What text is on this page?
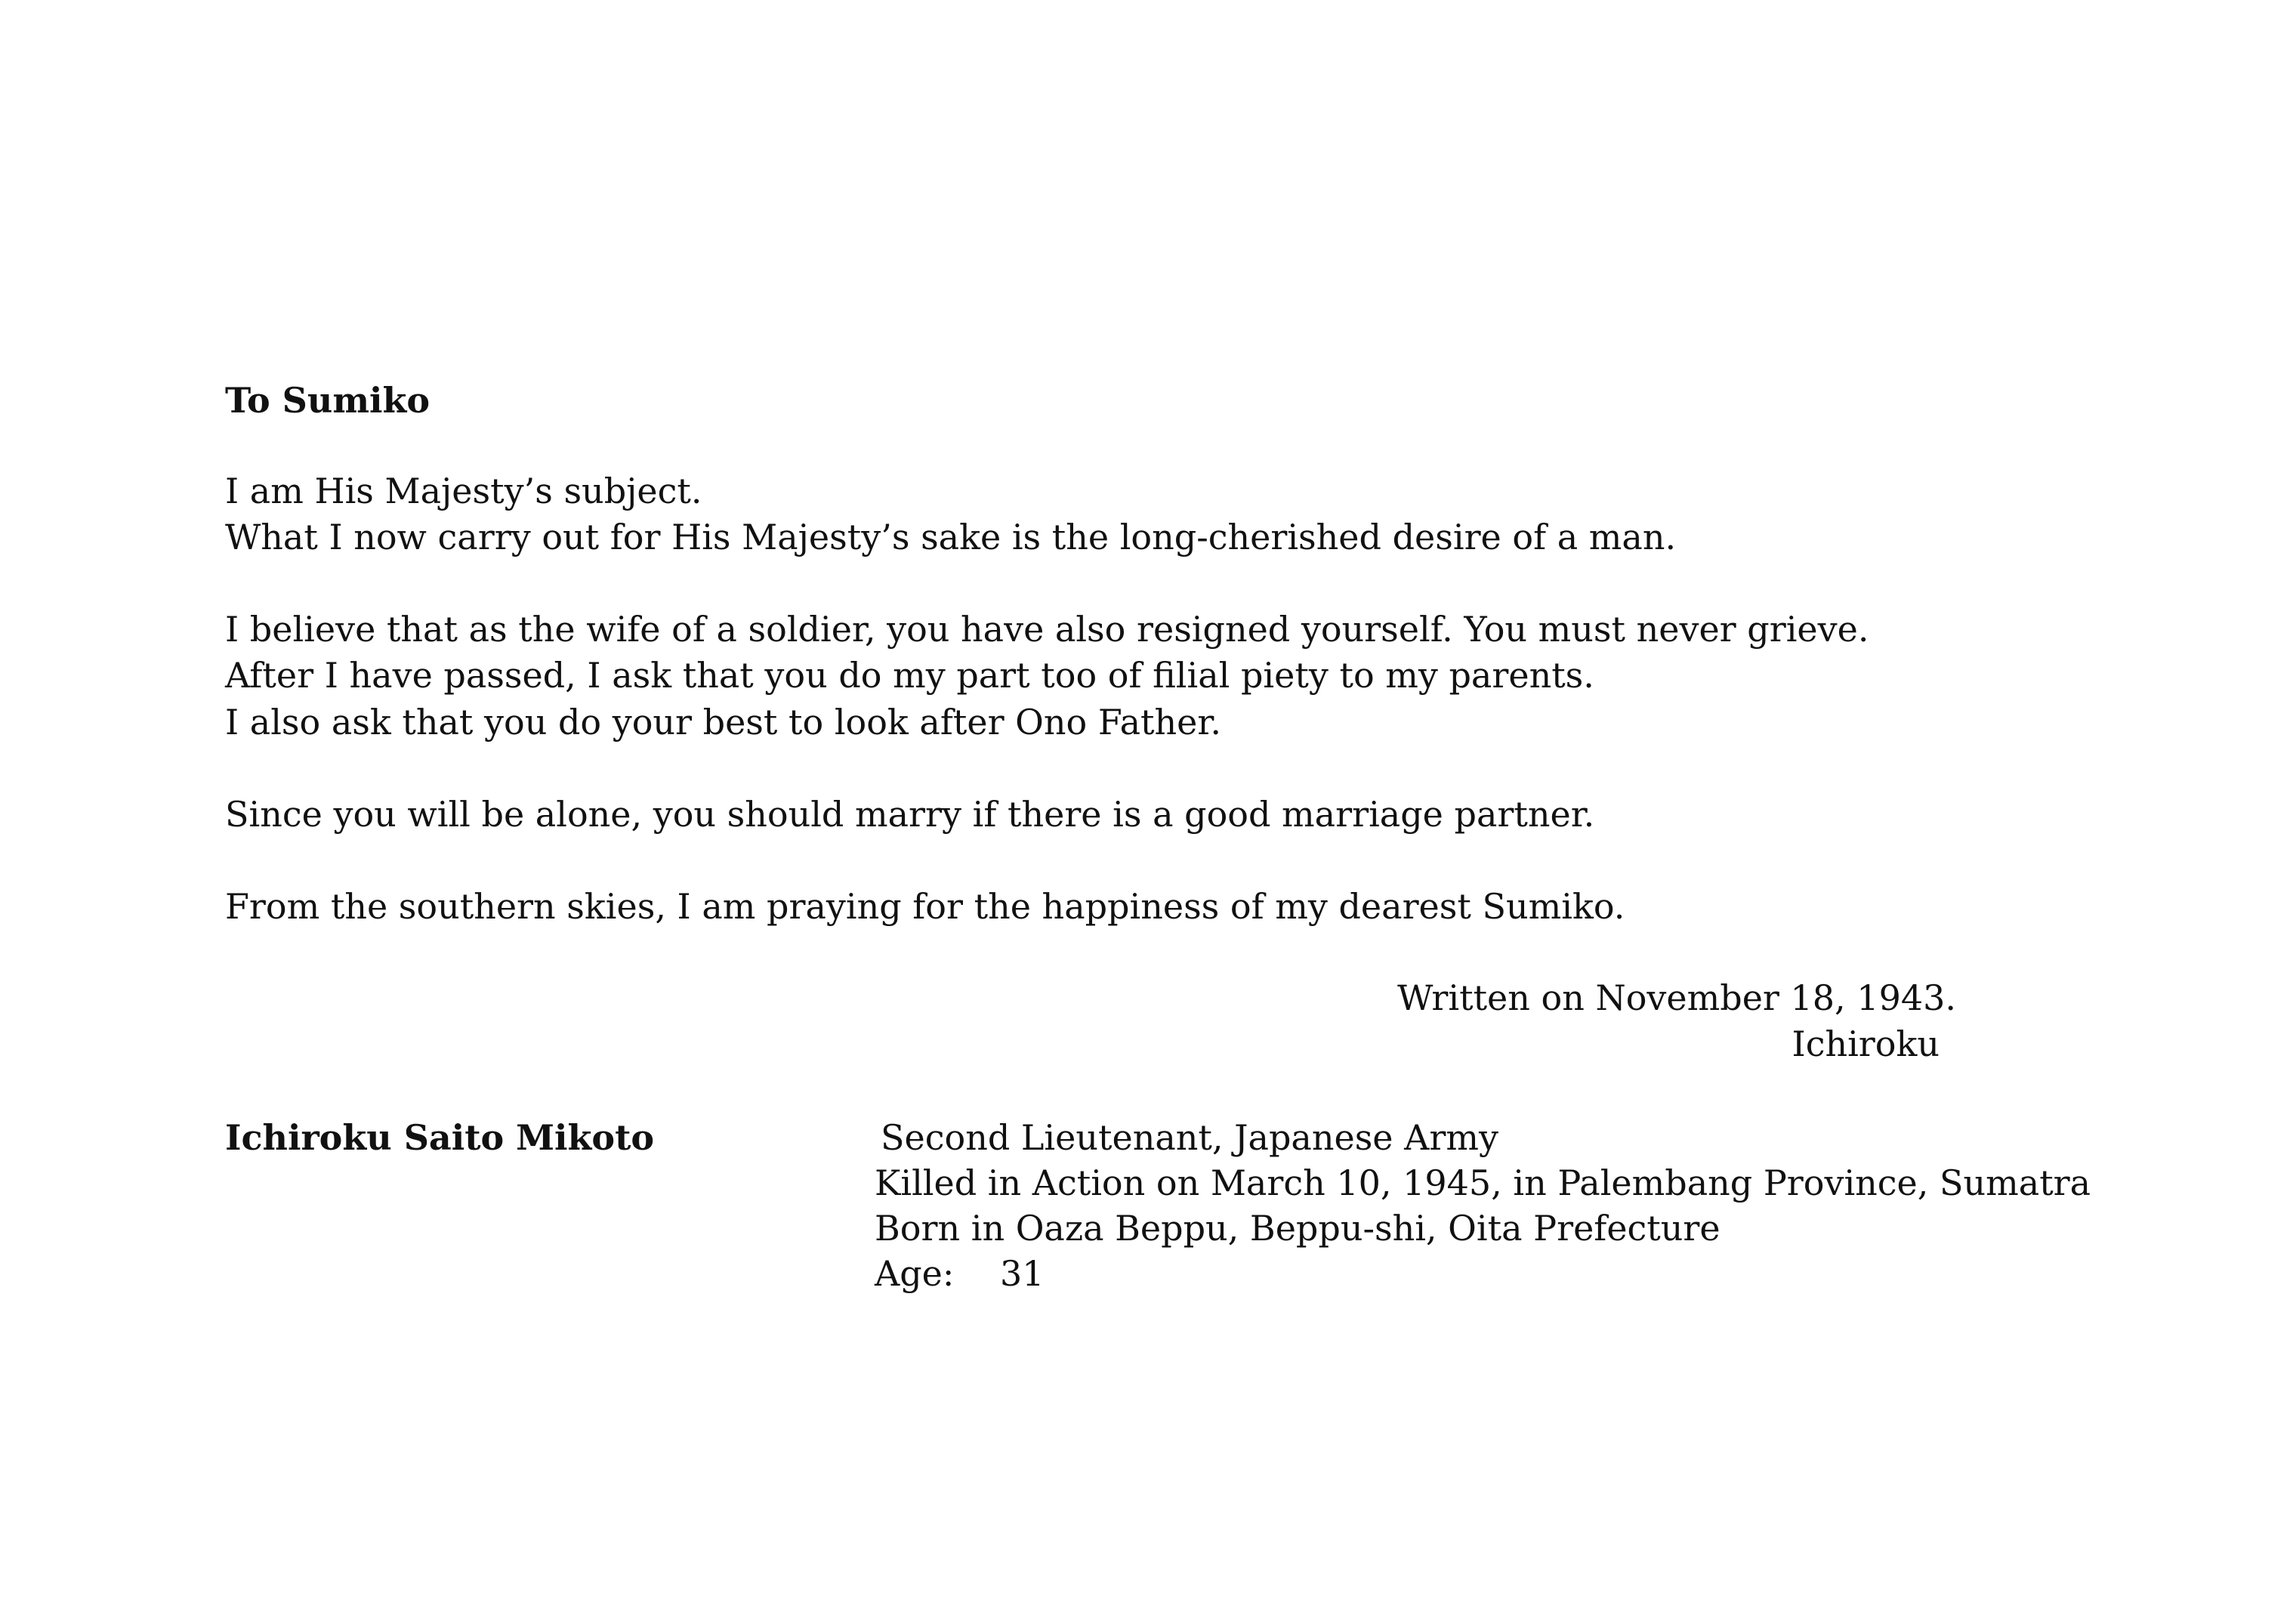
To Sumiko

I am His Majesty’s subject.

What I now carry out for His Majesty’s sake is the long-cherished desire of a man.

I believe that as the wife of a soldier, you have also resigned yourself. You must never grieve.

After I have passed, I ask that you do my part too of filial piety to my parents.

I also ask that you do your best to look after Ono Father.

Since you will be alone, you should marry if there is a good marriage partner.

From the southern skies, I am praying for the happiness of my dearest Sumiko.

Written on November 18, 1943.

Ichiroku

Ichiroku Saito Mikoto	Second Lieutenant, Japanese Army

Killed in Action on March 10, 1945, in Palembang Province, Sumatra

Born in Oaza Beppu, Beppu-shi, Oita Prefecture

Age:　 31
